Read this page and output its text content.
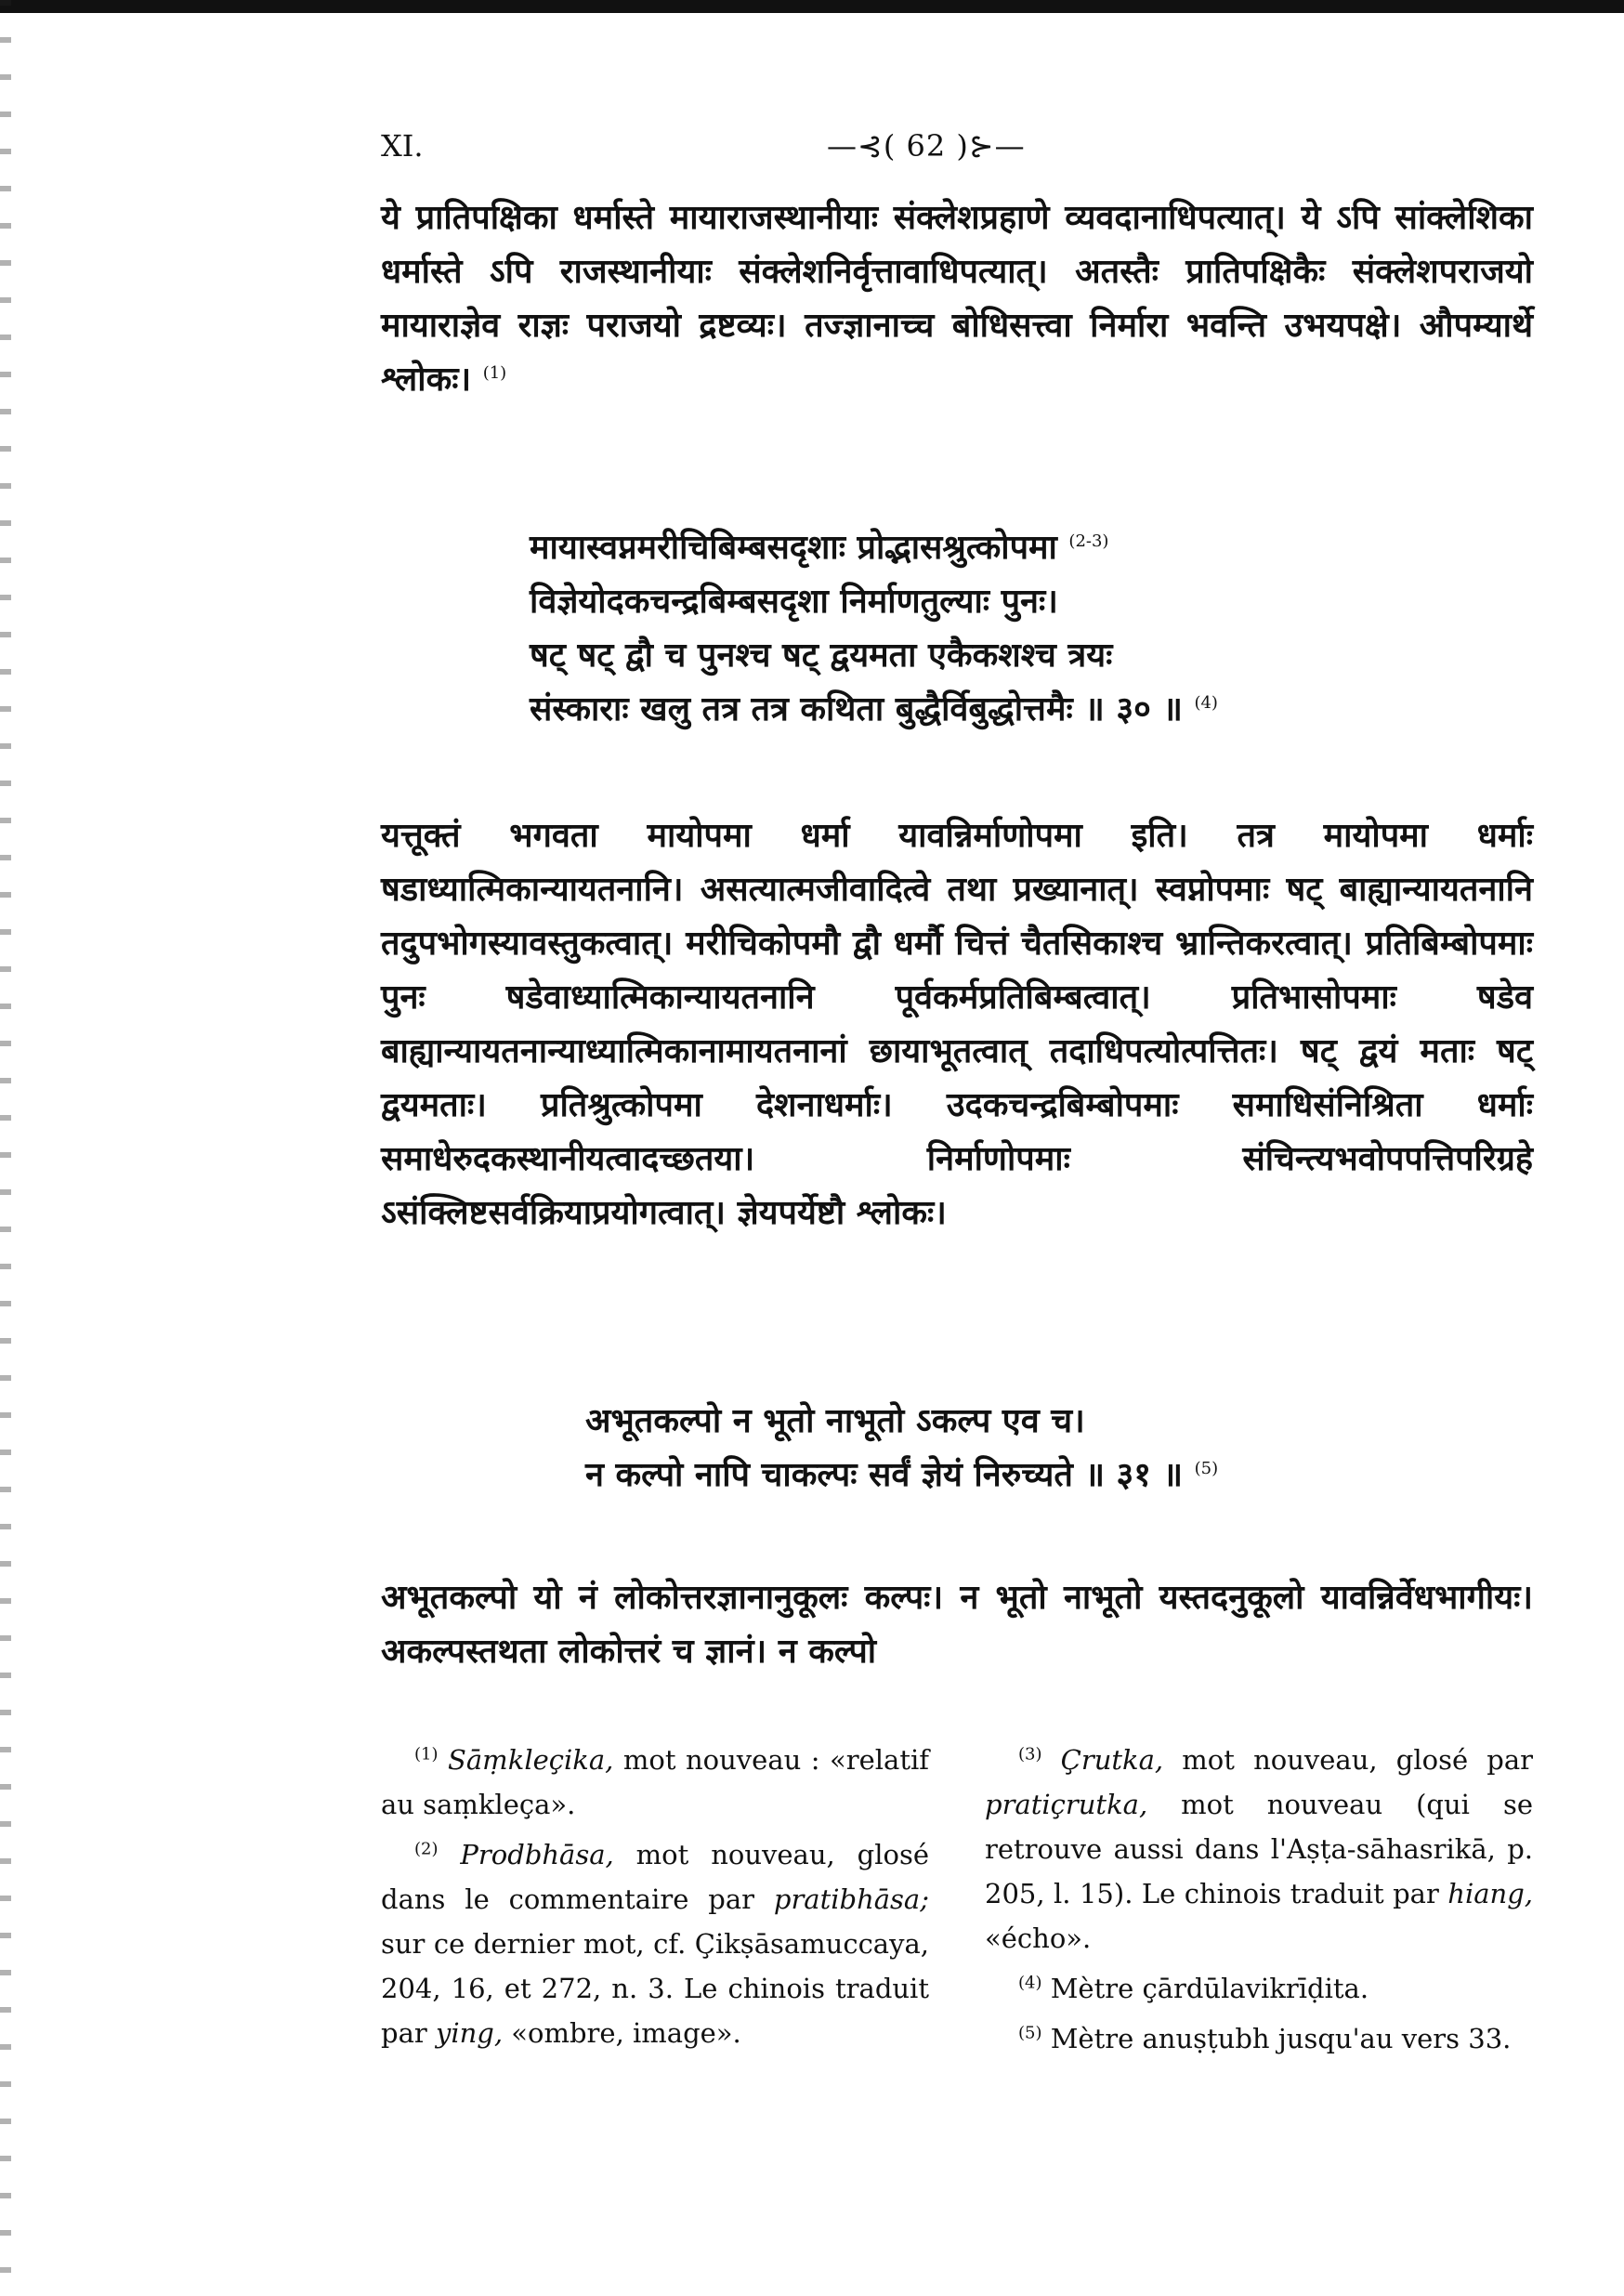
XI.	—⊰( 62 )⊱—

ये प्रातिपक्षिका धर्मास्ते मायाराजस्थानीयाः संक्लेशप्रहाणे व्यवदानाधिपत्यात्। ये ऽपि सांक्लेशिका धर्मास्ते ऽपि राजस्थानीयाः संक्लेशनिर्वृत्तावाधिपत्यात्। अतस्तैः प्रातिपक्षिकैः संक्लेशपराजयो मायाराज्ञेव राज्ञः पराजयो द्रष्टव्यः। तज्ज्ञानाच्च बोधिसत्त्वा निर्मारा भवन्ति उभयपक्षे। औपम्यार्थे श्लोकः। $^{(1)}$

मायास्वप्नमरीचिबिम्बसदृशाः प्रोद्भासश्रुत्कोपमा $^{(2-3)}$
विज्ञेयोदकचन्द्रबिम्बसदृशा निर्माणतुल्याः पुनः।
षट् षट् द्वौ च पुनश्च षट् द्वयमता एकैकशश्च त्रयः
संस्काराः खलु तत्र तत्र कथिता बुद्धैर्विबुद्धोत्तमैः ॥ ३० ॥ $^{(4)}$

यत्तूक्तं भगवता मायोपमा धर्मा यावन्निर्माणोपमा इति। तत्र मायोपमा धर्माः षडाध्यात्मिकान्यायतनानि। असत्यात्मजीवादित्वे तथा प्रख्यानात्। स्वप्नोपमाः षट् बाह्यान्यायतनानि तदुपभोगस्यावस्तुकत्वात्। मरीचिकोपमौ द्वौ धर्मौ चित्तं चैतसिकाश्च भ्रान्तिकरत्वात्। प्रतिबिम्बोपमाः पुनः षडेवाध्यात्मिकान्यायतनानि पूर्वकर्मप्रतिबिम्बत्वात्। प्रतिभासोपमाः षडेव बाह्यान्यायतनान्याध्यात्मिकानामायतनानां छायाभूतत्वात् तदाधिपत्योत्पत्तितः। षट् द्वयं मताः षट् द्वयमताः। प्रतिश्रुत्कोपमा देशनाधर्माः। उदकचन्द्रबिम्बोपमाः समाधिसंनिश्रिता धर्माः समाधेरुदकस्थानीयत्वादच्छतया। निर्माणोपमाः संचिन्त्यभवोपपत्तिपरिग्रहे ऽसंक्लिष्टसर्वक्रियाप्रयोगत्वात्। ज्ञेयपर्येष्टौ श्लोकः।

अभूतकल्पो न भूतो नाभूतो ऽकल्प एव च।
न कल्पो नापि चाकल्पः सर्वं ज्ञेयं निरुच्यते ॥ ३१ ॥ $^{(5)}$

अभूतकल्पो यो नं लोकोत्तरज्ञानानुकूलः कल्पः। न भूतो नाभूतो यस्तदनुकूलो यावन्निर्वेधभागीयः। अकल्पस्तथता लोकोत्तरं च ज्ञानं। न कल्पो

$^{(1)}$ Sāṃkleçika, mot nouveau : «relatif au saṃkleça».

$^{(2)}$ Prodbhāsa, mot nouveau, glosé dans le commentaire par pratibhāsa; sur ce dernier mot, cf. Çikṣāsamuccaya, 204, 16, et 272, n. 3. Le chinois traduit par ying, «ombre, image».

$^{(3)}$ Çrutka, mot nouveau, glosé par pratiçrutka, mot nouveau (qui se retrouve aussi dans l'Aṣṭa-sāhasrikā, p. 205, l. 15). Le chinois traduit par hiang, «écho».

$^{(4)}$ Mètre çārdūlavikrīḍita.

$^{(5)}$ Mètre anuṣṭubh jusqu'au vers 33.
